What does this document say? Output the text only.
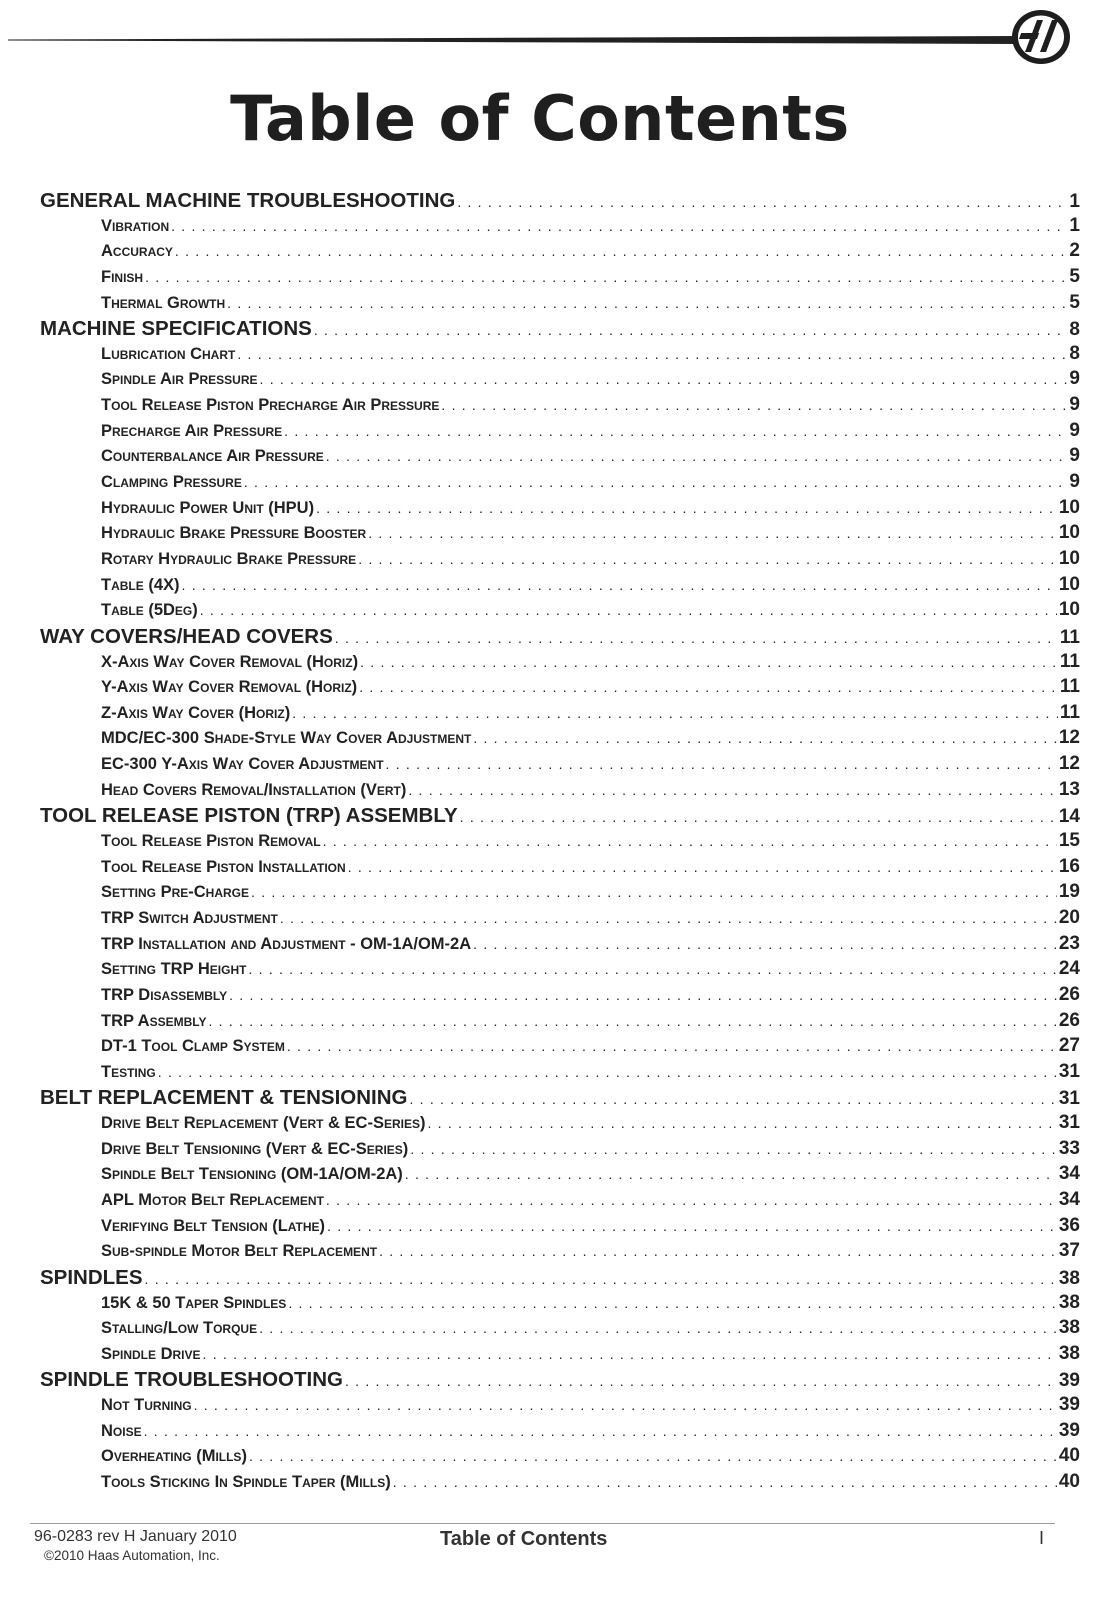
Table of Contents
GENERAL MACHINE TROUBLESHOOTING . . .	1
Vibration . . .	1
Accuracy . . .	2
Finish . . .	5
Thermal Growth . . .	5
MACHINE SPECIFICATIONS . . .	8
Lubrication Chart . . .	8
Spindle Air Pressure . . .	9
Tool Release Piston Precharge Air Pressure . . .	9
Precharge Air Pressure . . .	9
Counterbalance Air Pressure . . .	9
Clamping Pressure . . .	9
Hydraulic Power Unit (HPU) . . .	10
Hydraulic Brake Pressure Booster . . .	10
Rotary Hydraulic Brake Pressure . . .	10
Table (4X) . . .	10
Table (5Deg) . . .	10
WAY COVERS/HEAD COVERS . . .	11
X-Axis Way Cover Removal (Horiz) . . .	11
Y-Axis Way Cover Removal (Horiz) . . .	11
Z-Axis Way Cover (Horiz) . . .	11
MDC/EC-300 Shade-Style Way Cover Adjustment . . .	12
EC-300 Y-Axis Way Cover Adjustment . . .	12
Head Covers Removal/Installation (Vert) . . .	13
TOOL RELEASE PISTON (TRP) ASSEMBLY . . .	14
Tool Release Piston Removal . . .	15
Tool Release Piston Installation . . .	16
Setting Pre-Charge . . .	19
TRP Switch Adjustment . . .	20
TRP Installation and Adjustment - OM-1A/OM-2A . . .	23
Setting TRP Height . . .	24
TRP Disassembly . . .	26
TRP Assembly . . .	26
DT-1 Tool Clamp System . . .	27
Testing . . .	31
BELT REPLACEMENT & TENSIONING . . .	31
Drive Belt Replacement (Vert & EC-Series) . . .	31
Drive Belt Tensioning (Vert & EC-Series) . . .	33
Spindle Belt Tensioning (OM-1A/OM-2A) . . .	34
APL Motor Belt Replacement . . .	34
Verifying Belt Tension (Lathe) . . .	36
Sub-spindle Motor Belt Replacement . . .	37
SPINDLES . . .	38
15K & 50 Taper Spindles . . .	38
Stalling/Low Torque . . .	38
Spindle Drive . . .	38
SPINDLE TROUBLESHOOTING . . .	39
Not Turning . . .	39
Noise . . .	39
Overheating (Mills) . . .	40
Tools Sticking In Spindle Taper (Mills) . . .	40
96-0283 rev H January 2010
©2010 Haas Automation, Inc.
Table of Contents	I
